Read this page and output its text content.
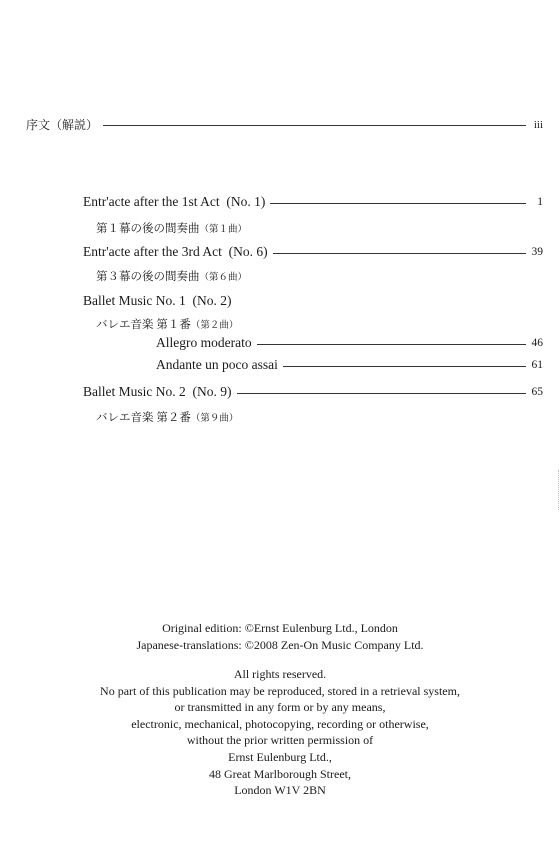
序文（解説）	iii
Entr'acte after the 1st Act (No. 1)	1
第１幕の後の間奏曲（第１曲）
Entr'acte after the 3rd Act (No. 6)	39
第３幕の後の間奏曲（第６曲）
Ballet Music No. 1 (No. 2)
バレエ音楽 第１番（第２曲）
Allegro moderato	46
Andante un poco assai	61
Ballet Music No. 2 (No. 9)	65
バレエ音楽 第２番（第９曲）
Original edition: ©Ernst Eulenburg Ltd., London
Japanese-translations: ©2008 Zen-On Music Company Ltd.
All rights reserved.
No part of this publication may be reproduced, stored in a retrieval system,
or transmitted in any form or by any means,
electronic, mechanical, photocopying, recording or otherwise,
without the prior written permission of
Ernst Eulenburg Ltd.,
48 Great Marlborough Street,
London W1V 2BN
